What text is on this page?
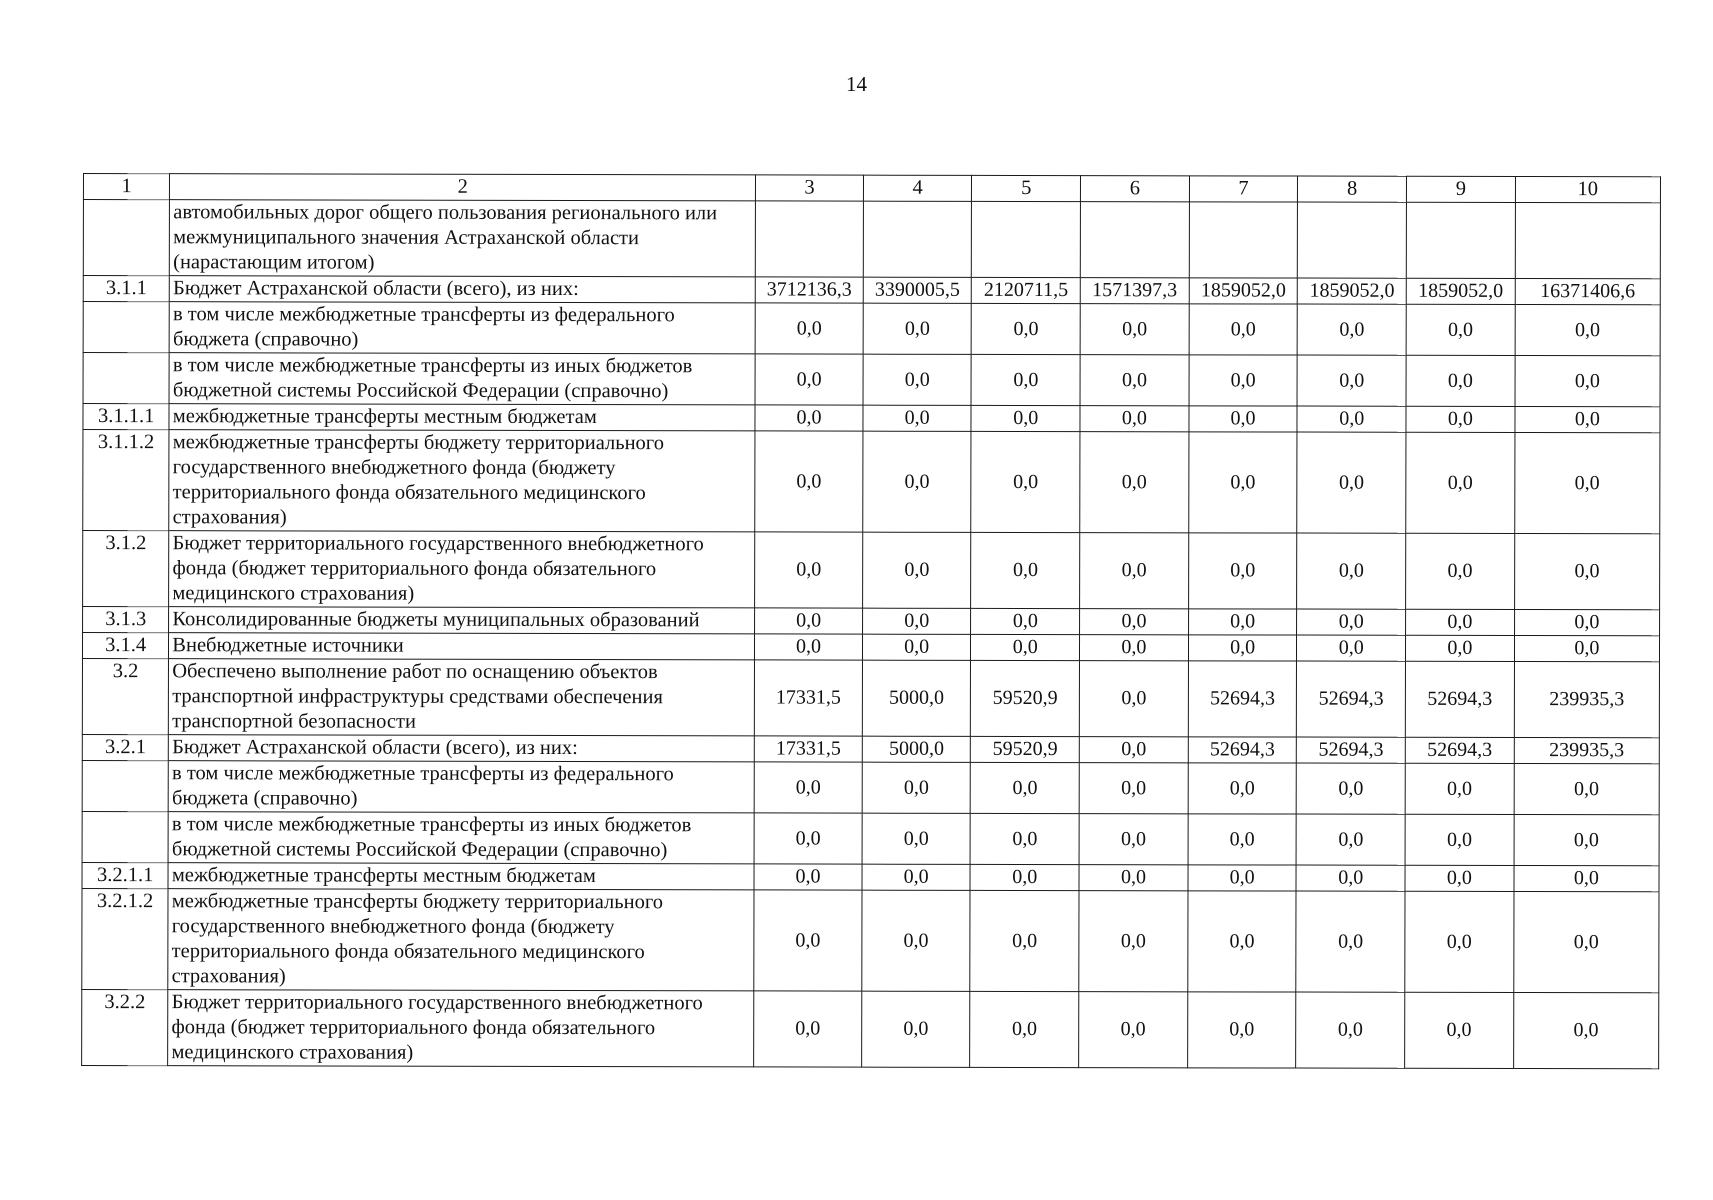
14
1	2	3	4	5	6	7	8	9	10
	автомобильных дорог общего пользования регионального или межмуниципального значения Астраханской области (нарастающим итогом)								
3.1.1	Бюджет Астраханской области (всего), из них:	3712136,3	3390005,5	2120711,5	1571397,3	1859052,0	1859052,0	1859052,0	16371406,6
	в том числе межбюджетные трансферты из федерального бюджета (справочно)	0,0	0,0	0,0	0,0	0,0	0,0	0,0	0,0
	в том числе межбюджетные трансферты из иных бюджетов бюджетной системы Российской Федерации (справочно)	0,0	0,0	0,0	0,0	0,0	0,0	0,0	0,0
3.1.1.1	межбюджетные трансферты местным бюджетам	0,0	0,0	0,0	0,0	0,0	0,0	0,0	0,0
3.1.1.2	межбюджетные трансферты бюджету территориального государственного внебюджетного фонда (бюджету территориального фонда обязательного медицинского страхования)	0,0	0,0	0,0	0,0	0,0	0,0	0,0	0,0
3.1.2	Бюджет территориального государственного внебюджетного фонда (бюджет территориального фонда обязательного медицинского страхования)	0,0	0,0	0,0	0,0	0,0	0,0	0,0	0,0
3.1.3	Консолидированные бюджеты муниципальных образований	0,0	0,0	0,0	0,0	0,0	0,0	0,0	0,0
3.1.4	Внебюджетные источники	0,0	0,0	0,0	0,0	0,0	0,0	0,0	0,0
3.2	Обеспечено выполнение работ по оснащению объектов транспортной инфраструктуры средствами обеспечения транспортной безопасности	17331,5	5000,0	59520,9	0,0	52694,3	52694,3	52694,3	239935,3
3.2.1	Бюджет Астраханской области (всего), из них:	17331,5	5000,0	59520,9	0,0	52694,3	52694,3	52694,3	239935,3
	в том числе межбюджетные трансферты из федерального бюджета (справочно)	0,0	0,0	0,0	0,0	0,0	0,0	0,0	0,0
	в том числе межбюджетные трансферты из иных бюджетов бюджетной системы Российской Федерации (справочно)	0,0	0,0	0,0	0,0	0,0	0,0	0,0	0,0
3.2.1.1	межбюджетные трансферты местным бюджетам	0,0	0,0	0,0	0,0	0,0	0,0	0,0	0,0
3.2.1.2	межбюджетные трансферты бюджету территориального государственного внебюджетного фонда (бюджету территориального фонда обязательного медицинского страхования)	0,0	0,0	0,0	0,0	0,0	0,0	0,0	0,0
3.2.2	Бюджет территориального государственного внебюджетного фонда (бюджет территориального фонда обязательного медицинского страхования)	0,0	0,0	0,0	0,0	0,0	0,0	0,0	0,0
